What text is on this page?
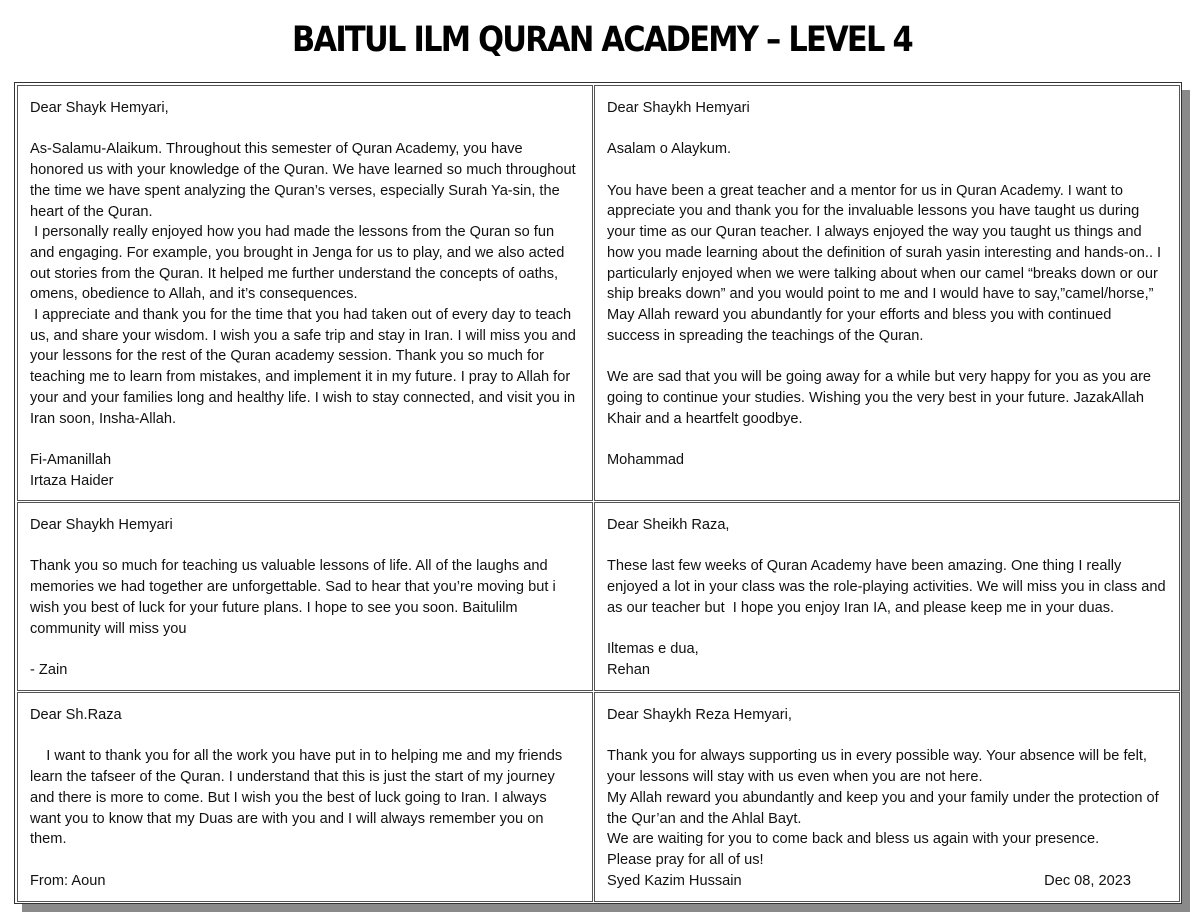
BAITUL ILM QURAN ACADEMY – LEVEL 4

Dear Shayk Hemyari,

As-Salamu-Alaikum. Throughout this semester of Quran Academy, you have honored us with your knowledge of the Quran. We have learned so much throughout the time we have spent analyzing the Quran’s verses, especially Surah Ya-sin, the heart of the Quran.
I personally really enjoyed how you had made the lessons from the Quran so fun and engaging. For example, you brought in Jenga for us to play, and we also acted out stories from the Quran. It helped me further understand the concepts of oaths, omens, obedience to Allah, and it’s consequences.
I appreciate and thank you for the time that you had taken out of every day to teach us, and share your wisdom. I wish you a safe trip and stay in Iran. I will miss you and your lessons for the rest of the Quran academy session. Thank you so much for teaching me to learn from mistakes, and implement it in my future. I pray to Allah for your and your families long and healthy life. I wish to stay connected, and visit you in Iran soon, Insha-Allah.

Fi-Amanillah
Irtaza Haider

Dear Shaykh Hemyari

Asalam o Alaykum.

You have been a great teacher and a mentor for us in Quran Academy. I want to appreciate you and thank you for the invaluable lessons you have taught us during your time as our Quran teacher. I always enjoyed the way you taught us things and how you made learning about the definition of surah yasin interesting and hands-on.. I particularly enjoyed when we were talking about when our camel “breaks down or our ship breaks down” and you would point to me and I would have to say,”camel/horse,” May Allah reward you abundantly for your efforts and bless you with continued success in spreading the teachings of the Quran.

We are sad that you will be going away for a while but very happy for you as you are going to continue your studies. Wishing you the very best in your future. JazakAllah Khair and a heartfelt goodbye.

Mohammad

Dear Shaykh Hemyari

Thank you so much for teaching us valuable lessons of life. All of the laughs and memories we had together are unforgettable. Sad to hear that you’re moving but i wish you best of luck for your future plans. I hope to see you soon. Baitulilm community will miss you

- Zain

Dear Sheikh Raza,

These last few weeks of Quran Academy have been amazing. One thing I really enjoyed a lot in your class was the role-playing activities. We will miss you in class and as our teacher but  I hope you enjoy Iran IA, and please keep me in your duas.

Iltemas e dua,
Rehan

Dear Sh.Raza

I want to thank you for all the work you have put in to helping me and my friends learn the tafseer of the Quran. I understand that this is just the start of my journey and there is more to come. But I wish you the best of luck going to Iran. I always want you to know that my Duas are with you and I will always remember you on them.

From: Aoun

Dear Shaykh Reza Hemyari,

Thank you for always supporting us in every possible way. Your absence will be felt, your lessons will stay with us even when you are not here.
My Allah reward you abundantly and keep you and your family under the protection of the Qur’an and the Ahlal Bayt.
We are waiting for you to come back and bless us again with your presence.
Please pray for all of us!

Syed Kazim Hussain	Dec 08, 2023
